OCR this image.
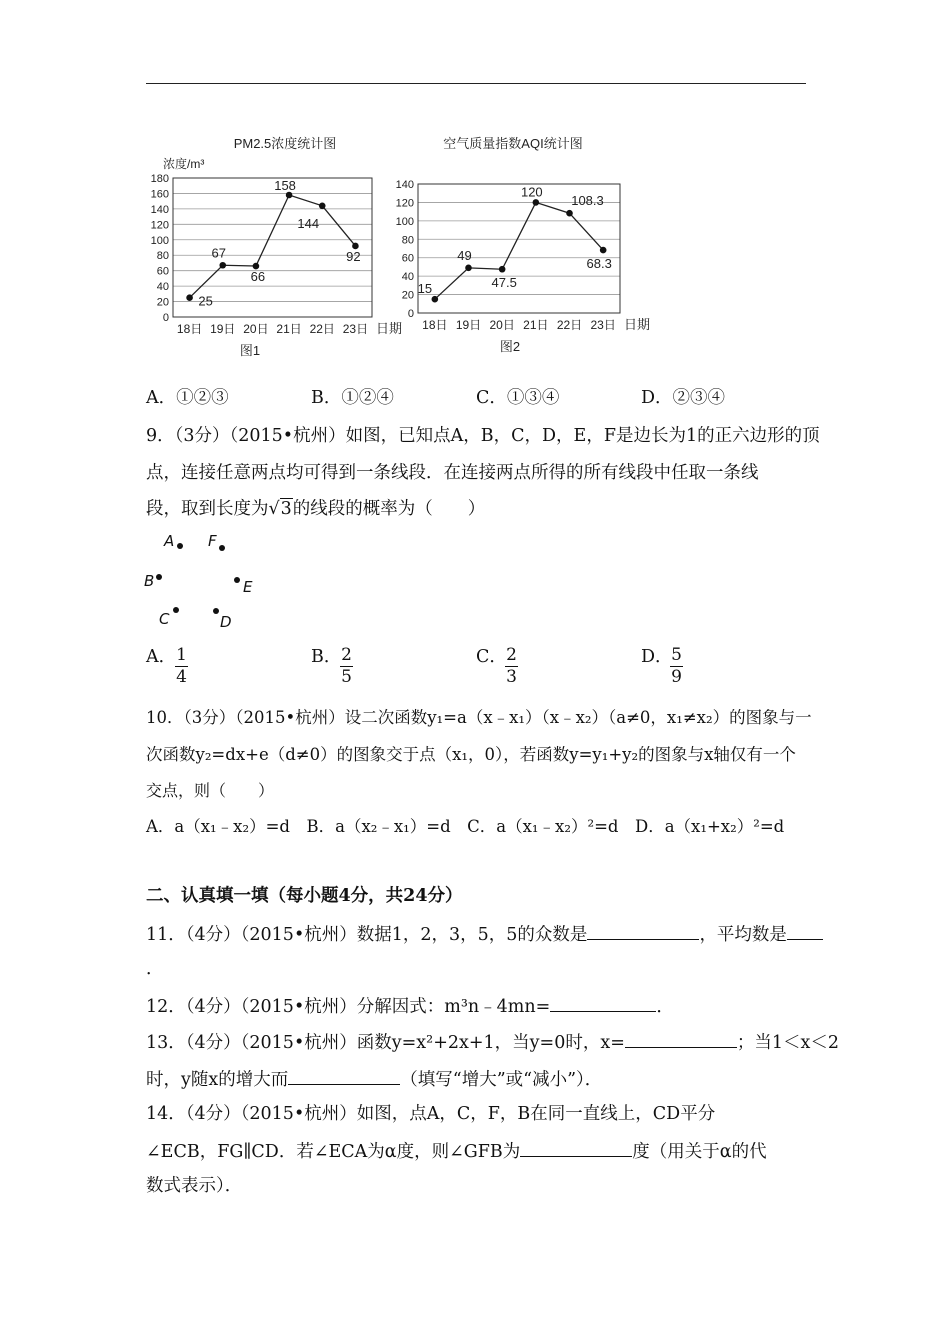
PM2.5浓度统计图
浓度/m³
0
20
40
60
80
100
120
140
160
180
18日 19日 20日 21日 22日 23日 日期
图1
25
67
66
158
144
92
空气质量指数AQI统计图
0
20
40
60
80
100
120
140
18日 19日 20日 21日 22日 23日 日期
图2
15
49
47.5
120
108.3
68.3
A．①②③	B．①②④	C．①③④	D．②③④
9．（3分）（2015•杭州）如图，已知点A，B，C，D，E，F是边长为1的正六边形的顶
点，连接任意两点均可得到一条线段．在连接两点所得的所有线段中任取一条线
段，取到长度为√3的线段的概率为（　　）
A F
B	E
C	D
A． 1
4
B． 2
5
C． 2
3
D．
5
9
10．（3分）（2015•杭州）设二次函数y₁=a（x﹣x₁）（x﹣x₂）（a≠0，x₁≠x₂）的图象与一
次函数y₂=dx+e（d≠0）的图象交于点（x₁，0），若函数y=y₁+y₂的图象与x轴仅有一个
交点，则（　　）
A．a（x₁﹣x₂）=d　B．a（x₂﹣x₁）=d　C．a（x₁﹣x₂）²=d　D．a（x₁+x₂）²=d
二、认真填一填（每小题4分，共24分）
11．（4分）（2015•杭州）数据1，2，3，5，5的众数是	，平均数是
．
12．（4分）（2015•杭州）分解因式：m³n﹣4mn=	．
13．（4分）（2015•杭州）函数y=x²+2x+1，当y=0时，x=	；当1＜x＜2
时，y随x的增大而	（填写“增大”或“减小”）．
14．（4分）（2015•杭州）如图，点A，C，F，B在同一直线上，CD平分
∠ECB，FG∥CD．若∠ECA为α度，则∠GFB为	度（用关于α的代
数式表示）．
